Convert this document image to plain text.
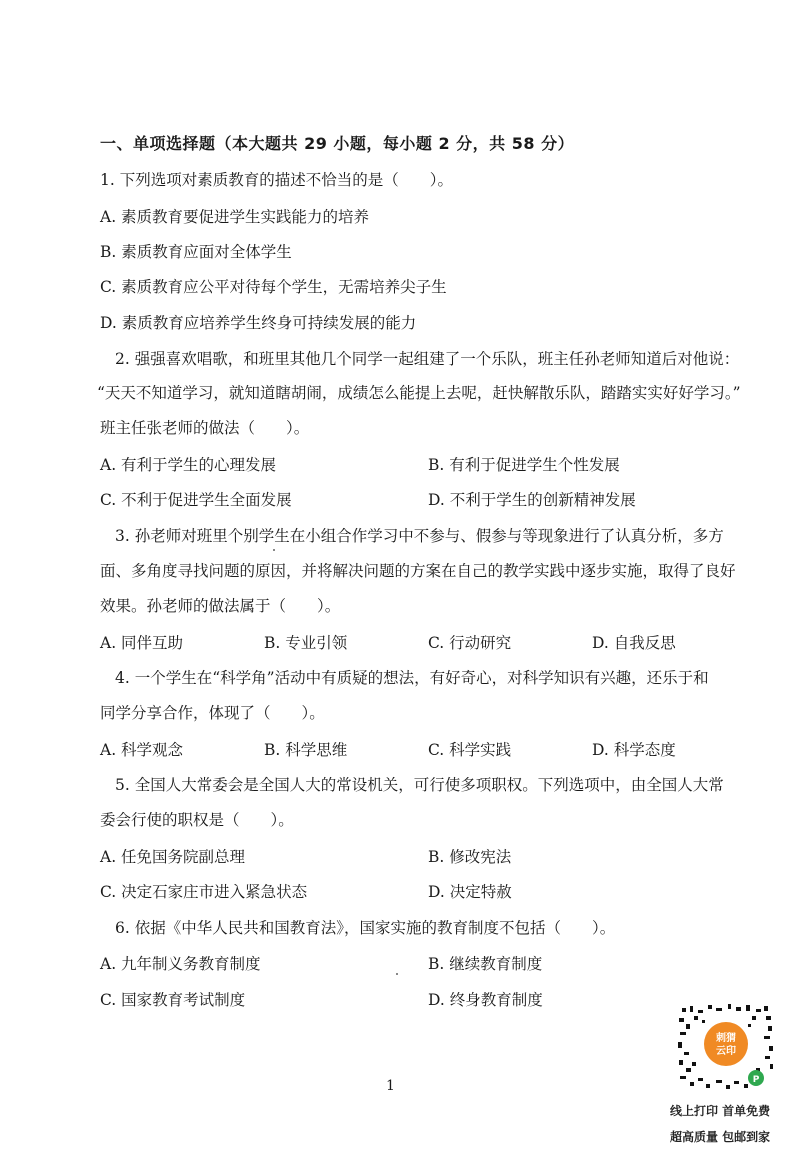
一、单项选择题（本大题共 29 小题，每小题 2 分，共 58 分）
1. 下列选项对素质教育的描述不恰当的是（　　）。
A. 素质教育要促进学生实践能力的培养
B. 素质教育应面对全体学生
C. 素质教育应公平对待每个学生，无需培养尖子生
D. 素质教育应培养学生终身可持续发展的能力
2. 强强喜欢唱歌，和班里其他几个同学一起组建了一个乐队，班主任孙老师知道后对他说：
“天天不知道学习，就知道瞎胡闹，成绩怎么能提上去呢，赶快解散乐队，踏踏实实好好学习。”
班主任张老师的做法（　　）。
A. 有利于学生的心理发展	B. 有利于促进学生个性发展
C. 不利于促进学生全面发展	D. 不利于学生的创新精神发展
3. 孙老师对班里个别学生在小组合作学习中不参与、假参与等现象进行了认真分析，多方
面、多角度寻找问题的原因，并将解决问题的方案在自己的教学实践中逐步实施，取得了良好
效果。孙老师的做法属于（　　）。
A. 同伴互助	B. 专业引领	C. 行动研究	D. 自我反思
4. 一个学生在“科学角”活动中有质疑的想法，有好奇心，对科学知识有兴趣，还乐于和
同学分享合作，体现了（　　）。
A. 科学观念	B. 科学思维	C. 科学实践	D. 科学态度
5. 全国人大常委会是全国人大的常设机关，可行使多项职权。下列选项中，由全国人大常
委会行使的职权是（　　）。
A. 任免国务院副总理	B. 修改宪法
C. 决定石家庄市进入紧急状态	D. 决定特赦
6. 依据《中华人民共和国教育法》，国家实施的教育制度不包括（　　）。
A. 九年制义务教育制度	B. 继续教育制度
C. 国家教育考试制度	D. 终身教育制度
1
刺猬
云印
P
线上打印 首单免费
超高质量 包邮到家
